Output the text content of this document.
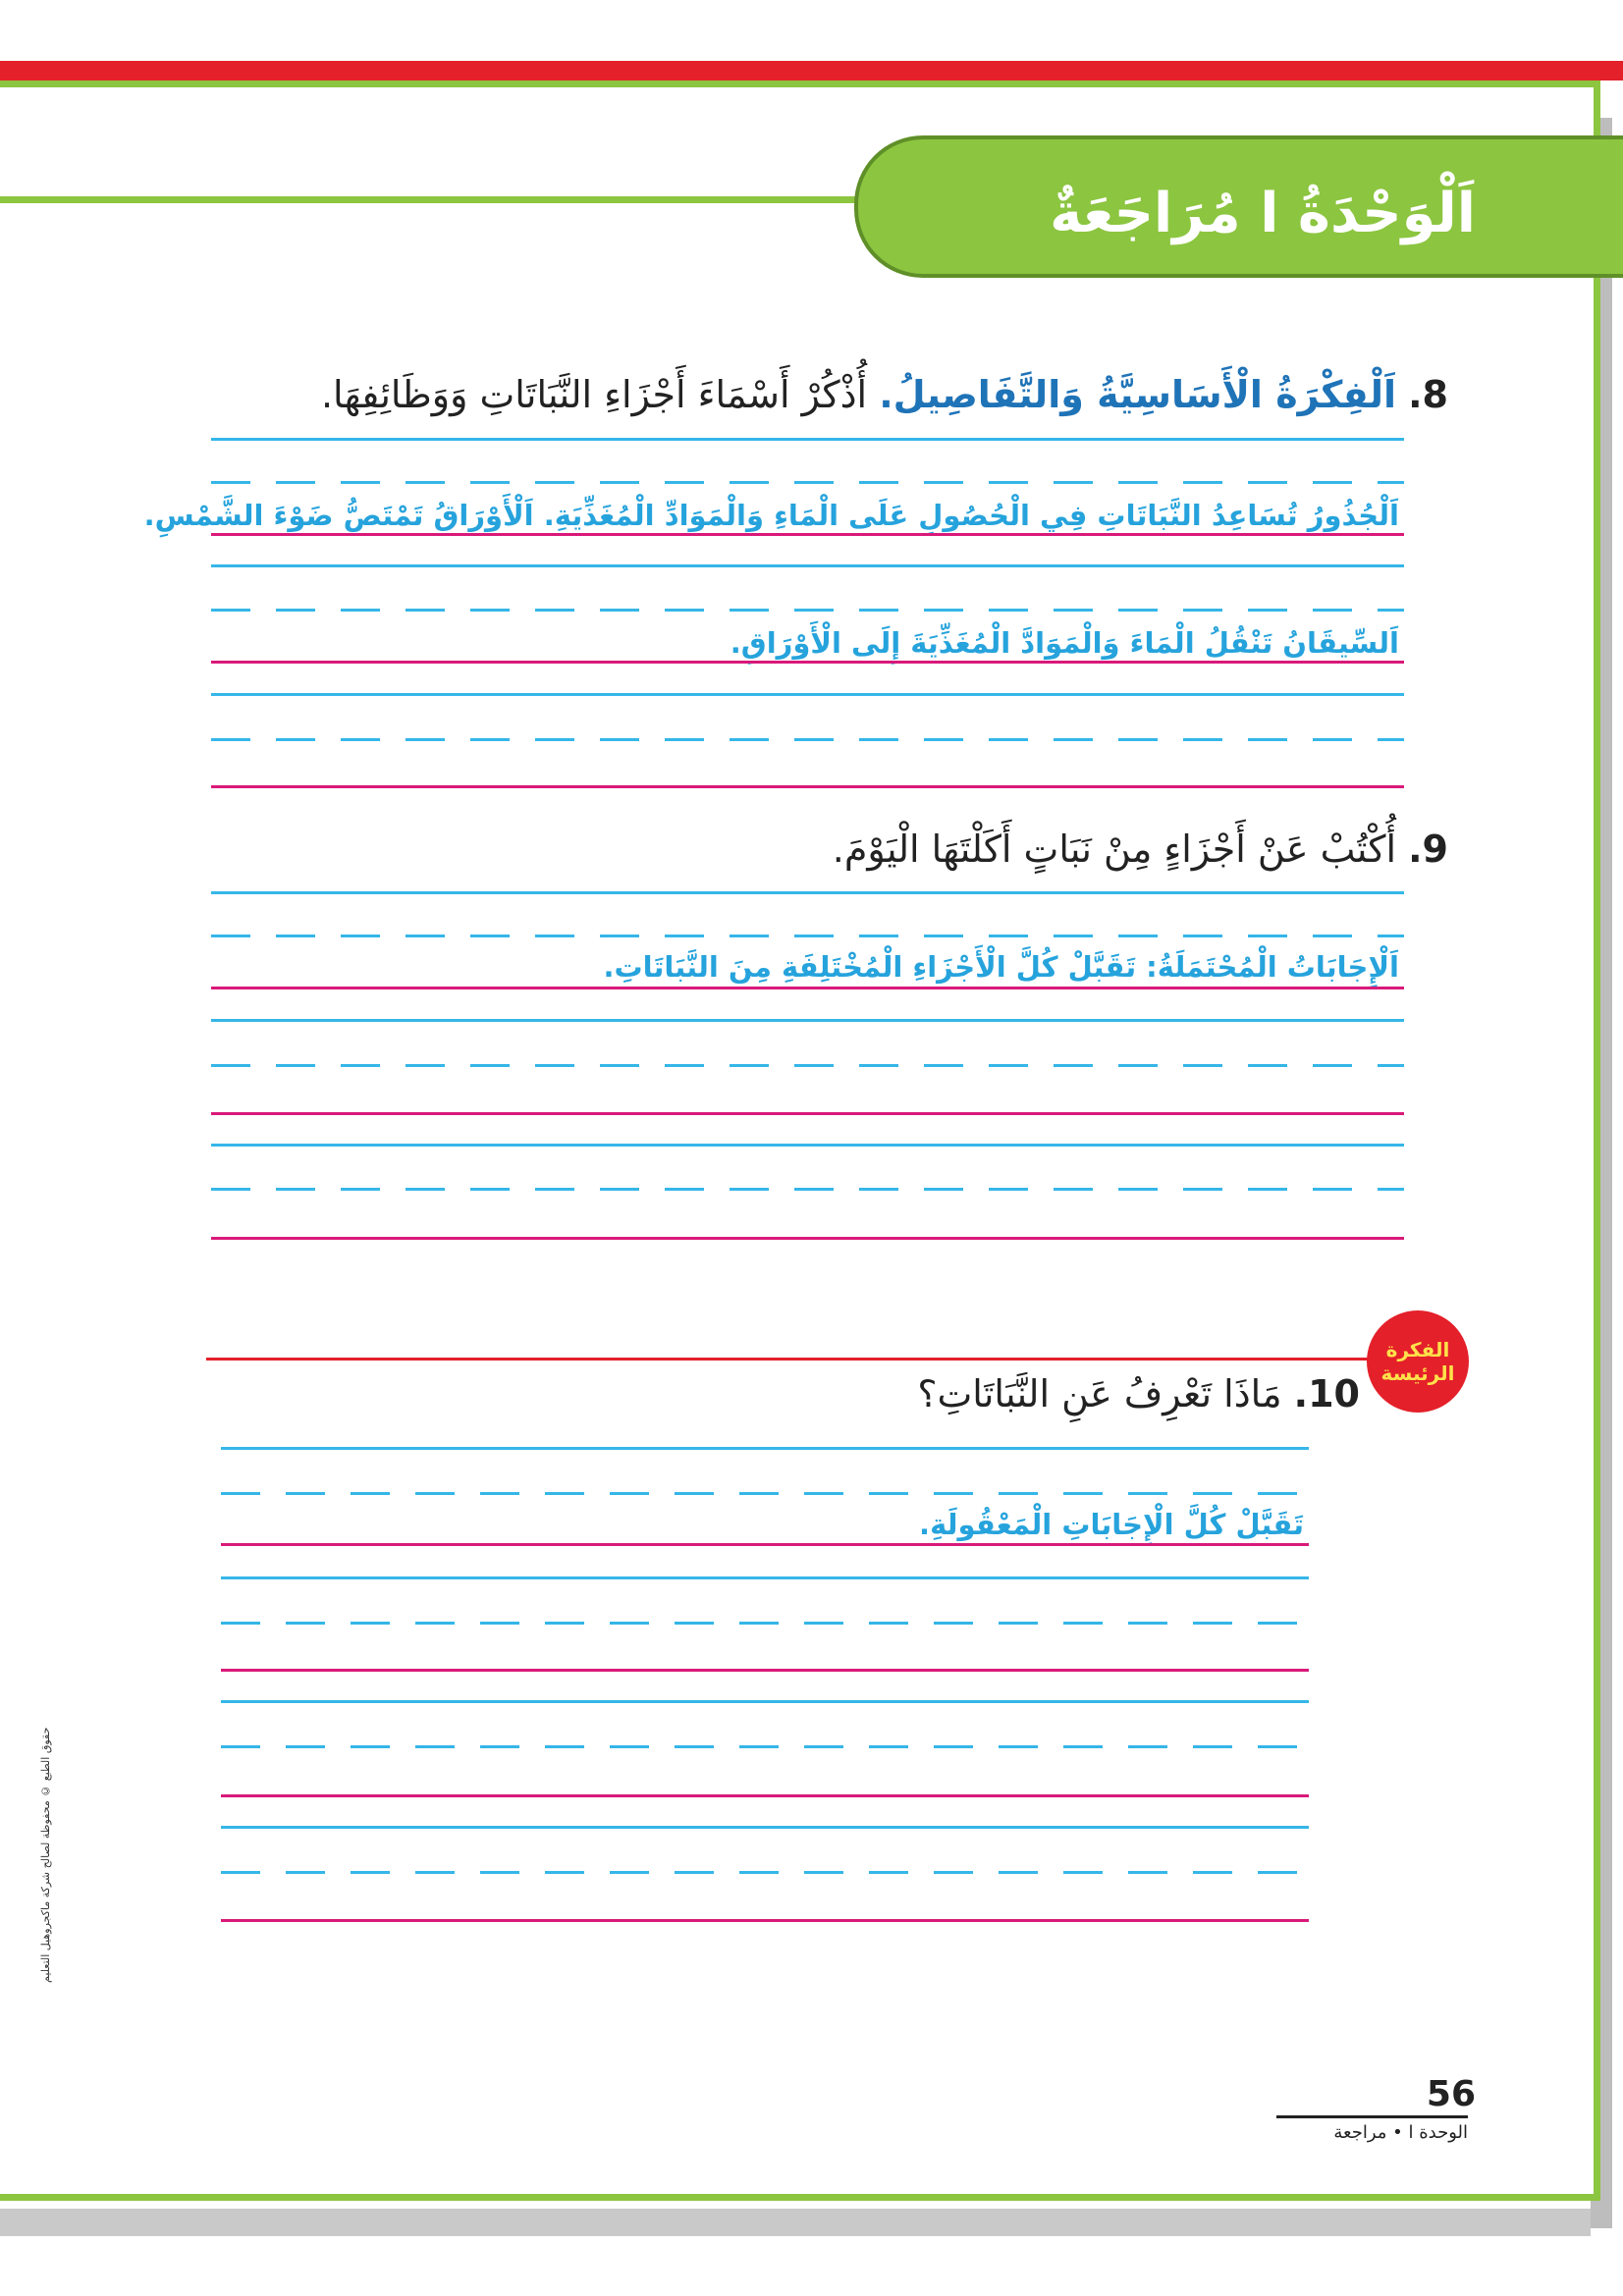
اَلْوَحْدَةُ ا مُرَاجَعَةٌ
8. اَلْفِكْرَةُ الْأَسَاسِيَّةُ وَالتَّفَاصِيلُ. أُذْكُرْ أَسْمَاءَ أَجْزَاءِ النَّبَاتَاتِ وَوَظَائِفِهَا.
اَلْجُذُورُ تُسَاعِدُ النَّبَاتَاتِ فِي الْحُصُولِ عَلَى الْمَاءِ وَالْمَوَادِّ الْمُغَذِّيَةِ. اَلْأَوْرَاقُ تَمْتَصُّ ضَوْءَ الشَّمْسِ.
اَلسِّيقَانُ تَنْقُلُ الْمَاءَ وَالْمَوَادَّ الْمُغَذِّيَةَ إِلَى الْأَوْرَاقِ.
9. أُكْتُبْ عَنْ أَجْزَاءٍ مِنْ نَبَاتٍ أَكَلْتَهَا الْيَوْمَ.
اَلْإِجَابَاتُ الْمُحْتَمَلَةُ: تَقَبَّلْ كُلَّ الْأَجْزَاءِ الْمُخْتَلِفَةِ مِنَ النَّبَاتَاتِ.
الفكرة
الرئيسة
10. مَاذَا تَعْرِفُ عَنِ النَّبَاتَاتِ؟
تَقَبَّلْ كُلَّ الْإِجَابَاتِ الْمَعْقُولَةِ.
حقوق الطبع © محفوظة لصالح شركة ماكجروهيل التعليم
56
الوحدة ا • مراجعة
